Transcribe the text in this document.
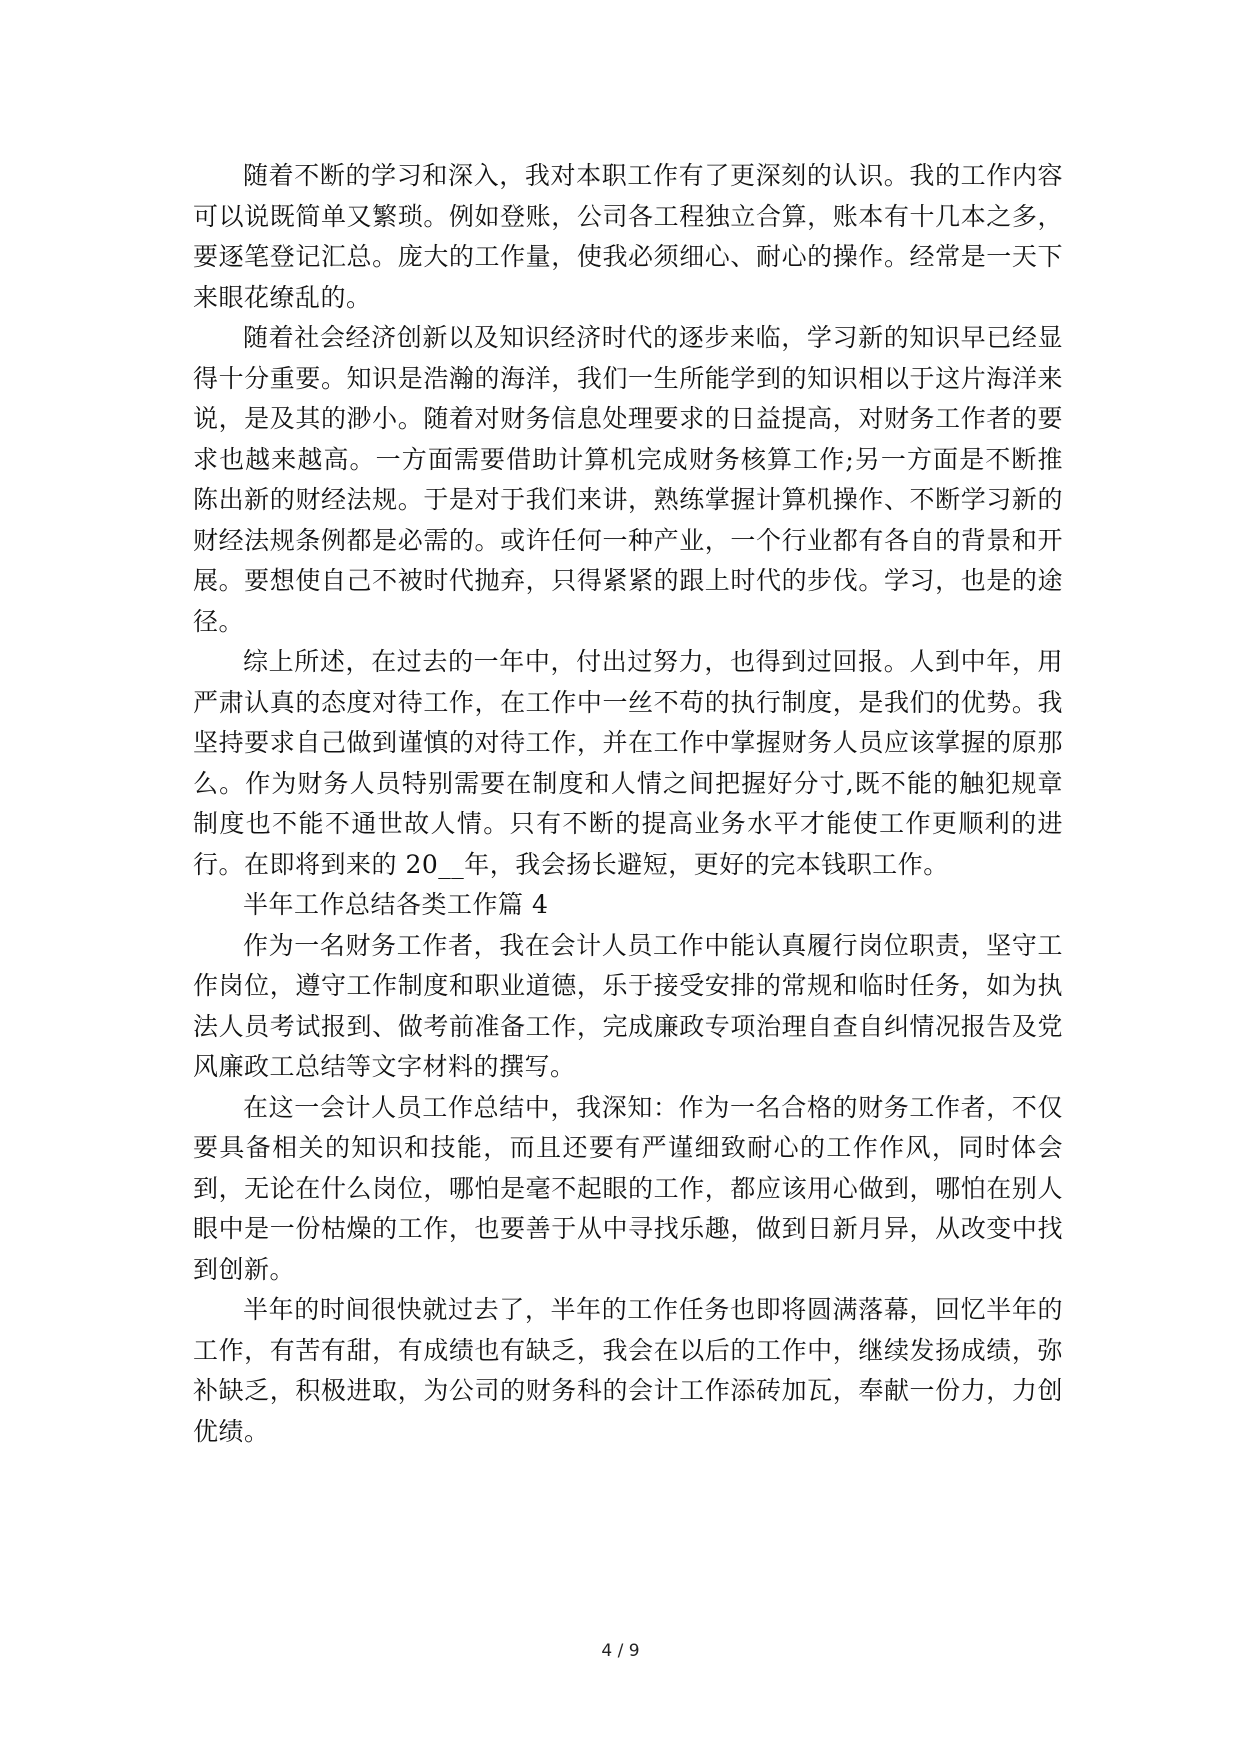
随着不断的学习和深入，我对本职工作有了更深刻的认识。我的工作内容可以说既简单又繁琐。例如登账，公司各工程独立合算，账本有十几本之多，要逐笔登记汇总。庞大的工作量，使我必须细心、耐心的操作。经常是一天下来眼花缭乱的。

随着社会经济创新以及知识经济时代的逐步来临，学习新的知识早已经显得十分重要。知识是浩瀚的海洋，我们一生所能学到的知识相以于这片海洋来说，是及其的渺小。随着对财务信息处理要求的日益提高，对财务工作者的要求也越来越高。一方面需要借助计算机完成财务核算工作;另一方面是不断推陈出新的财经法规。于是对于我们来讲，熟练掌握计算机操作、不断学习新的财经法规条例都是必需的。或许任何一种产业，一个行业都有各自的背景和开展。要想使自己不被时代抛弃，只得紧紧的跟上时代的步伐。学习，也是的途径。

综上所述，在过去的一年中，付出过努力，也得到过回报。人到中年，用严肃认真的态度对待工作，在工作中一丝不苟的执行制度，是我们的优势。我坚持要求自己做到谨慎的对待工作，并在工作中掌握财务人员应该掌握的原那么。作为财务人员特别需要在制度和人情之间把握好分寸,既不能的触犯规章制度也不能不通世故人情。只有不断的提高业务水平才能使工作更顺利的进行。在即将到来的 20__年，我会扬长避短，更好的完本钱职工作。

半年工作总结各类工作篇 4

作为一名财务工作者，我在会计人员工作中能认真履行岗位职责，坚守工作岗位，遵守工作制度和职业道德，乐于接受安排的常规和临时任务，如为执法人员考试报到、做考前准备工作，完成廉政专项治理自查自纠情况报告及党风廉政工总结等文字材料的撰写。

在这一会计人员工作总结中，我深知：作为一名合格的财务工作者，不仅要具备相关的知识和技能，而且还要有严谨细致耐心的工作作风，同时体会到，无论在什么岗位，哪怕是毫不起眼的工作，都应该用心做到，哪怕在别人眼中是一份枯燥的工作，也要善于从中寻找乐趣，做到日新月异，从改变中找到创新。

半年的时间很快就过去了，半年的工作任务也即将圆满落幕，回忆半年的工作，有苦有甜，有成绩也有缺乏，我会在以后的工作中，继续发扬成绩，弥补缺乏，积极进取，为公司的财务科的会计工作添砖加瓦，奉献一份力，力创优绩。

4 / 9
